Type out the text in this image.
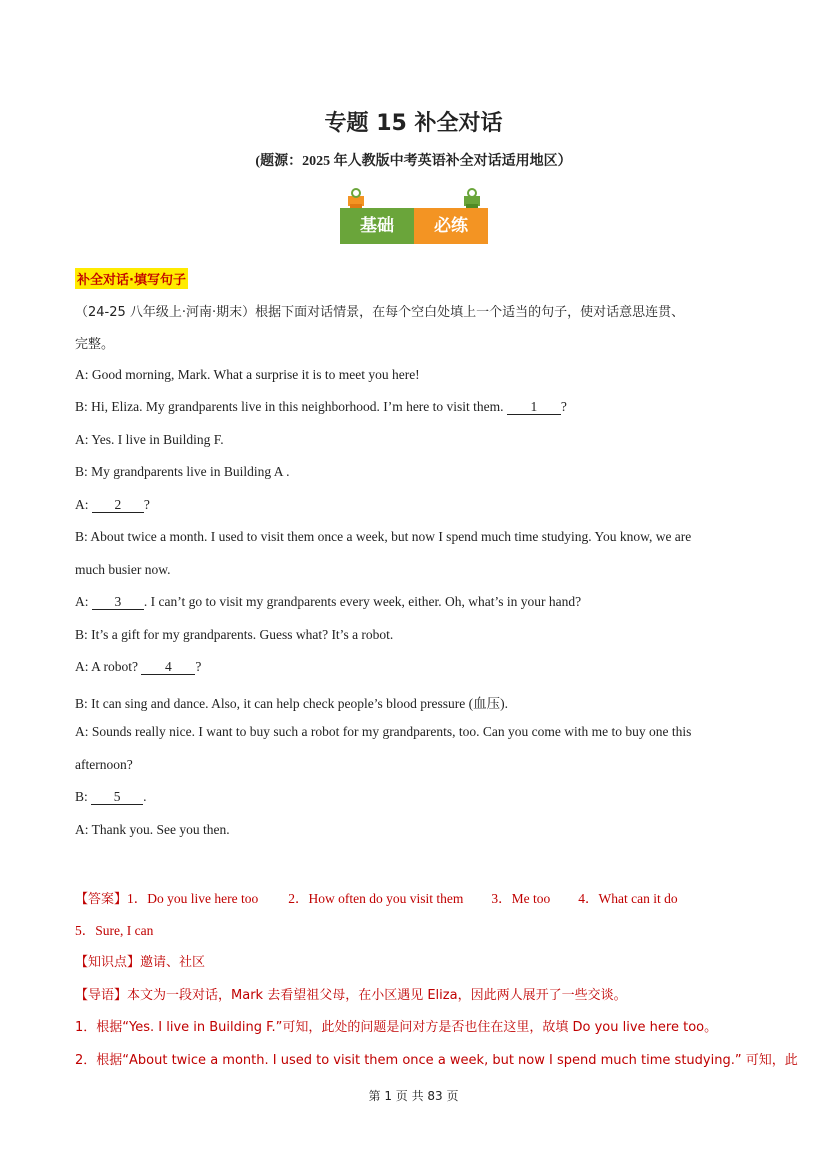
专题 15 补全对话
(题源：2025 年人教版中考英语补全对话适用地区）
基础	必练
补全对话·填写句子
（24-25 八年级上·河南·期末）根据下面对话情景，在每个空白处填上一个适当的句子，使对话意思连贯、
完整。
A: Good morning, Mark. What a surprise it is to meet you here!
B: Hi, Eliza. My grandparents live in this neighborhood. I’m here to visit them. 1 ?
A: Yes. I live in Building F.
B: My grandparents live in Building A .
A: 2 ?
B: About twice a month. I used to visit them once a week, but now I spend much time studying. You know, we are
much busier now.
A: 3 . I can’t go to visit my grandparents every week, either. Oh, what’s in your hand?
B: It’s a gift for my grandparents. Guess what? It’s a robot.
A: A robot? 4 ?
B: It can sing and dance. Also, it can help check people’s blood pressure (血压).
A: Sounds really nice. I want to buy such a robot for my grandparents, too. Can you come with me to buy one this
afternoon?
B: 5 .
A: Thank you. See you then.
【答案】1．Do you live here too 2．How often do you visit them 3．Me too 4．What can it do
5．Sure, I can
【知识点】邀请、社区
【导语】本文为一段对话，Mark 去看望祖父母，在小区遇见 Eliza，因此两人展开了一些交谈。
1．根据“Yes. I live in Building F.”可知，此处的问题是问对方是否也住在这里，故填 Do you live here too。
2．根据“About twice a month. I used to visit them once a week, but now I spend much time studying.” 可知，此
第 1 页 共 83 页
